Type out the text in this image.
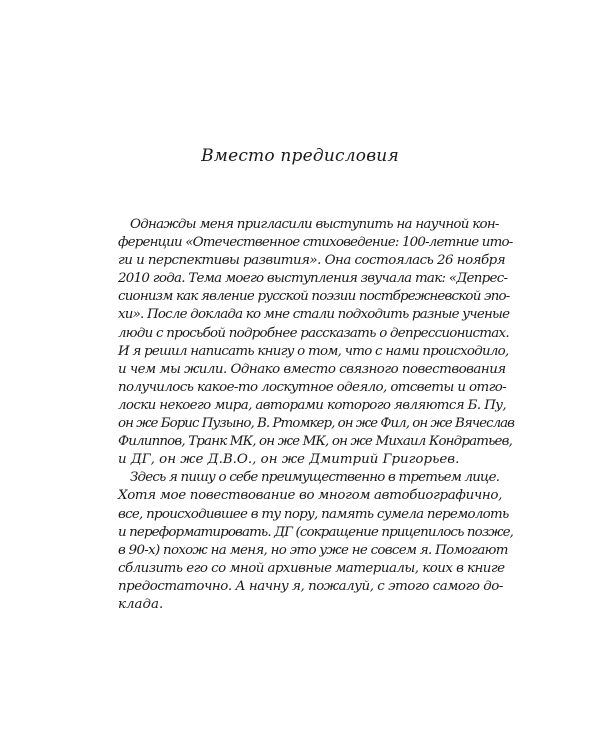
Вместо предисловия
Однажды меня пригласили выступить на научной кон-
ференции «Отечественное стиховедение: 100-летние ито-
ги и перспективы развития». Она состоялась 26 ноября
2010 года. Тема моего выступления звучала так: «Депрес-
сионизм как явление русской поэзии постбрежневской эпо-
хи». После доклада ко мне стали подходить разные ученые
люди с просьбой подробнее рассказать о депрессионистах.
И я решил написать книгу о том, что с нами происходило,
и чем мы жили. Однако вместо связного повествования
получилось какое-то лоскутное одеяло, отсветы и отго-
лоски некоего мира, авторами которого являются Б. Пу,
он же Борис Пузыно, В. Ртомкер, он же Фил, он же Вячеслав
Филиппов, Транк МК, он же МК, он же Михаил Кондратьев,
и ДГ, он же Д.В.О., он же Дмитрий Григорьев.
Здесь я пишу о себе преимущественно в третьем лице.
Хотя мое повествование во многом автобиографично,
все, происходившее в ту пору, память сумела перемолоть
и переформатировать. ДГ (сокращение прицепилось позже,
в 90-х) похож на меня, но это уже не совсем я. Помогают
сблизить его со мной архивные материалы, коих в книге
предостаточно. А начну я, пожалуй, с этого самого до-
клада.
